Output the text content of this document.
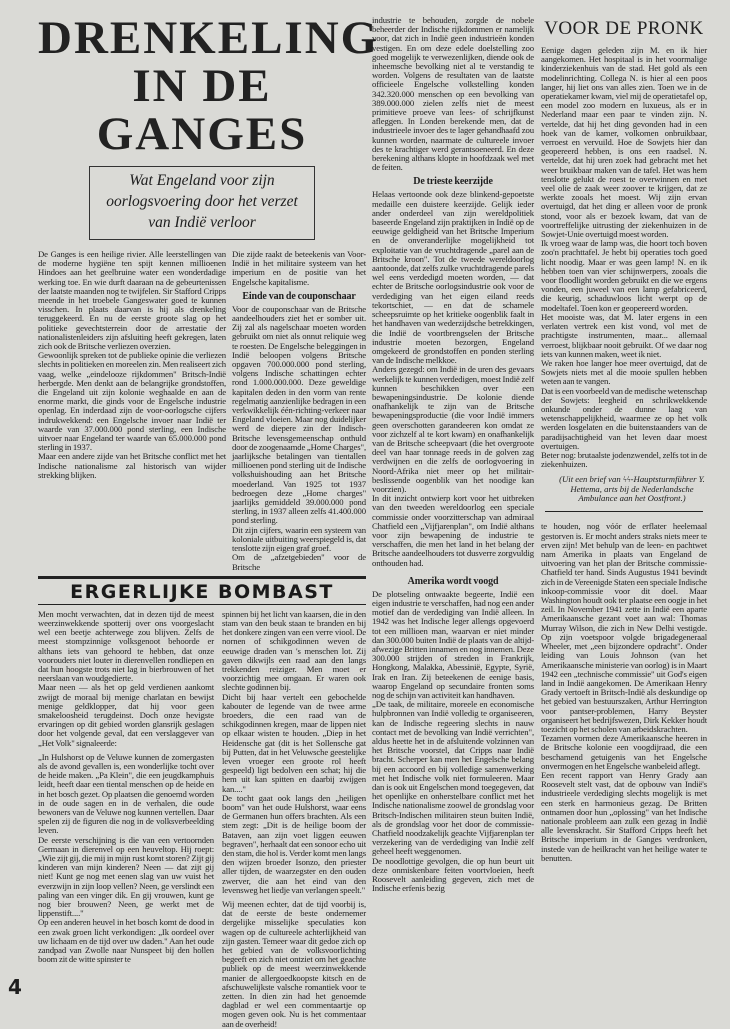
DRENKELING
IN DE GANGES
Wat Engeland voor zijn
oorlogsvoering door het verzet
van Indië verloor

De Ganges is een heilige rivier. Alle leerstellingen van de moderne hygiëne ten spijt kennen millioenen Hindoes aan het geelbruine water een wonderdadige werking toe. En wie durft daaraan na de gebeurtenissen der laatste maanden nog te twijfelen. Sir Stafford Cripps meende in het troebele Gangeswater goed te kunnen visschen. In plaats daarvan is hij als drenkeling teruggekeerd. En nu de eerste groote slag op het politieke gevechtsterrein door de arrestatie der nationalistenleiders zijn afsluiting heeft gekregen, laten zich ook de Britsche verliezen overzien.

Gewoonlijk spreken tot de publieke opinie die verliezen slechts in politieken en moreelen zin. Men realiseert zich vaag, welke „eindelooze rijkdommen" Britsch-Indië herbergde. Men denkt aan de belangrijke grondstoffen, die Engeland uit zijn kolonie weghaalde en aan de enorme markt, die ginds voor de Engelsche industrie openlag. En inderdaad zijn de voor-oorlogsche cijfers indrukwekkend: een Engelsche invoer naar Indië ter waarde van 37.000.000 pond sterling, een Indische uitvoer naar Engeland ter waarde van 65.000.000 pond sterling in 1937.

Maar een andere zijde van het Britsche conflict met het Indische nationalisme zal historisch van wijder strekking blijken.

Die zijde raakt de beteekenis van Voor-Indië in het militaire systeem van het imperium en de positie van het Engelsche kapitalisme.

Einde van de couponschaar

Voor de couponschaar van de Britsche aandeelhouders ziet het er somber uit. Zij zal als nagelschaar moeten worden gebruikt om niet als onnut reliquie weg te roesten. De Engelsche beleggingen in Indië beloopen volgens Britsche opgaven 700.000.000 pond sterling, volgens Indische schattingen echter rond 1.000.000.000. Deze geweldige kapitalen deden in den vorm van rente regelmatig aanzienlijke bedragen in een verkwikkelijk één-richting-verkeer naar Engeland vloeien. Maar nog duidelijker werd de diepere zin der Indisch-Britsche levensgemeenschap onthuld door de zoogenaamde „Home Charges", jaarlijksche betalingen van tientallen millioenen pond sterling uit de Indische volkshuishouding aan het Britsche moederland. Van 1925 tot 1937 bedroegen deze „Home charges" jaarlijks gemiddeld 39.000.000 pond sterling, in 1937 alleen zelfs 41.400.000 pond sterling.

Dit zijn cijfers, waarin een systeem van koloniale uitbuiting weerspiegeld is, dat tenslotte zijn eigen graf groef.

Om de „afzetgebieden" voor de Britsche

ERGERLIJKE BOMBAST

Men mocht verwachten, dat in dezen tijd de meest weerzinwekkende spotterij over ons voorgeslacht wel een beetje achterwege zou blijven. Zelfs de meest stompzinnige volksgenoot behoorde er althans iets van gehoord te hebben, dat onze voorouders niet louter in dierenvellen rondliepen en dat hun hoogste trots niet lag in bierbrouwen of het neerslaan van woudgedierte.

Maar neen — als het op geld verdienen aankomt zwijgt de moraal bij menige charlatan en bewijst menige geldklopper, dat hij voor geen smakeloosheid terugdeinst. Doch onze hevigste ervaringen op dit gebied worden glansrijk geslagen door het volgende geval, dat een verslaggever van „Het Volk" signaleerde:

„In Hulshorst op de Veluwe kunnen de zomergasten als de avond gevallen is, een wonderlijke tocht over de heide maken. „Pa Klein", die een jeugdkamphuis leidt, heeft daar een tiental menschen op de heide en in het bosch gezet. Op plaatsen die genoemd worden in de oude sagen en in de verhalen, die oude bewoners van de Veluwe nog kunnen vertellen. Daar spelen zij de figuren die nog in de volksverbeelding leven.

De eerste verschijning is die van een vertoornden Germaan in dierenvel op een heuveltop. Hij roept: „Wie zijt gij, die mij in mijn rust komt storen? Zijt gij kinderen van mijn kinderen? Neen — dat zijt gij niet! Kunt ge nog met eenen slag van uw vuist het everzwijn in zijn loop vellen? Neen, ge verslindt een paling van een vinger dik. En gij vrouwen, kunt ge nog bier brouwen? Neen, ge werkt met de lippenstift...."

Op een anderen heuvel in het bosch komt de dood in een zwak groen licht verkondigen: „Ik oordeel over uw lichaam en de tijd over uw daden." Aan het oude zandpad van Zwolle naar Nunspeet bij den hollen boom zit de witte spinster te

spinnen bij het licht van kaarsen, die in den stam van den beuk staan te branden en bij het donkere zingen van een verre viool. De nornen of schikgodinnen weven de eeuwige draden van 's menschen lot. Zij gaven dikwijls een raad aan den langs trekkenden reiziger. Men moet er voorzichtig mee omgaan. Er waren ook slechte godinnen bij.

Dicht bij haar vertelt een gebochelde kabouter de legende van de twee arme broeders, die een raad van de schikgodinnen kregen, maar de lippen niet op elkaar wisten te houden. „Diep in het Heidensche gat (dit is het Sollensche gat bij Putten, dat in het Veluwsche geestelijke leven vroeger een groote rol heeft gespeeld) ligt bedolven een schat; hij die hem uit kan spitten en daarbij zwijgen kan...."

De tocht gaat ook langs den „heiligen boom" van het oude Hulshorst, waar eens de Germanen hun offers brachten. Als een stem zegt: „Dit is de heilige boom der Bataven, aan zijn voet liggen eeuwen begraven", herhaalt dat een sonoor echo uit den stam, die hol is. Verder komt men langs den wijzen broeder Isonzo, den priester aller tijden, de waarzegster en den ouden zwerver, die aan het eind van den levensweg het liedje van verlangen speelt."

Wij meenen echter, dat de tijd voorbij is, dat de eerste de beste ondernemer dergelijke misselijke speculaties kon wagen op de cultureele achterlijkheid van zijn gasten. Temeer waar dit gedoe zich op het gebied van de volksvoorlichting begeeft en zich niet ontziet om het geachte publiek op de meest weerzinwekkende manier de allergoedkoopste kitsch en de afschuwelijkste valsche romantiek voor te zetten. In dien zin had het genoemde dagblad er wel een commentaartje op mogen geven ook. Nu is het commentaar aan de overheid!

industrie te behouden, zorgde de nobele beheerder der Indische rijkdommen er namelijk voor, dat zich in Indië geen industrieën konden vestigen. En om deze edele doelstelling zoo goed mogelijk te verwezenlijken, diende ook de inheemsche bevolking niet al te verstandig te worden. Volgens de resultaten van de laatste officieele Engelsche volkstelling konden 342.320.000 menschen op een bevolking van 389.000.000 zielen zelfs niet de meest primitieve proeve van lees- of schrijfkunst afleggen. In Londen berekende men, dat de industrieele invoer des te lager gehandhaafd zou kunnen worden, naarmate de cultureele invoer des te krachtiger werd gerantsoeneerd. En deze berekening althans klopte in hoofdzaak wel met de feiten.

De trieste keerzijde

Helaas vertoonde ook deze blinkend-gepoetste medaille een duistere keerzijde. Gelijk ieder ander onderdeel van zijn wereldpolitiek baseerde Engeland zijn praktijken in Indië op de eeuwige geldigheid van het Britsche Imperium en de onveranderlijke mogelijkheid tot exploitatie van de vruchtdragende „parel aan de Britsche kroon". Tot de tweede wereldoorlog aantoonde, dat zelfs zulke vruchtdragende parels wel eens verdedigd moeten worden, — dat echter de Britsche oorlogsindustrie ook voor de verdediging van het eigen eiland reeds tekortschiet, — en dat de schamele scheepsruimte op het kritieke oogenblik faalt in het handhaven van wederzijdsche betrekkingen, die Indië de voortbrengselen der Britsche industrie moeten bezorgen, Engeland omgekeerd de grondstoffen en ponden sterling van de Indische melkkoe.

Anders gezegd: om Indië in de uren des gevaars werkelijk te kunnen verdedigen, moest Indië zelf kunnen beschikken over een bewapeningsindustrie. De kolonie diende onafhankelijk te zijn van de Britsche bewapeningsproductie (die voor Indië immers geen overschotten garandeeren kon omdat ze voor zichzelf al te kort kwam) en onafhankelijk van de Britsche scheepvaart (die het overgroote deel van haar tonnage reeds in de golven zag verdwijnen en die zelfs de oorlogvoering in Noord-Afrika niet meer op het militair-beslissende oogenblik van het noodige kan voorzien).

In dit inzicht ontwierp kort voor het uitbreken van den tweeden wereldoorlog een speciale commissie onder voorzitterschap van admiraal Chatfield een „Vijfjarenplan", om Indië althans voor zijn bewapening de industrie te verschaffen, die men het land in het belang der Britsche aandeelhouders tot dusverre zorgvuldig onthouden had.

Amerika wordt voogd

De plotseling ontwaakte begeerte, Indië een eigen industrie te verschaffen, had nog een ander motief dan de verdediging van Indië alleen. In 1942 was het Indische leger allengs opgevoerd tot een millioen man, waarvan er niet minder dan 300.000 buiten Indië de plaats van de altijd-afwezige Britten innamen en nog innemen. Deze 300.000 strijden of streden in Frankrijk, Hongkong, Malakka, Abessinië, Egypte, Syrië, Irak en Iran. Zij beteekenen de eenige basis, waarop Engeland op secundaire fronten soms nog de schijn van activiteit kan handhaven.

„De taak, de militaire, moreele en economische hulpbronnen van Indië volledig te organiseeren, kan de Indische regeering slechts in nauw contact met de bevolking van Indië verrichten", aldus heette het in de afsluitende volzinnen van het Britsche voorstel, dat Cripps naar Indië bracht. Scherper kan men het Engelsche belang bij een accoord en bij volledige samenwerking met het Indische volk niet formuleeren. Maar dan is ook uit Engelschen mond toegegeven, dat het openlijke en onherstelbare conflict met het Indische nationalisme zoowel de grondslag voor Britsch-Indischen militairen steun buiten Indië, als de grondslag voor het door de commissie-Chatfield noodzakelijk geachte Vijfjarenplan ter verzekering van de verdediging van Indië zelf geheel heeft weggenomen.

De noodlottige gevolgen, die op hun beurt uit deze onmiskenbare feiten voortvloeien, heeft Roosevelt aanleiding gegeven, zich met de Indische erfenis bezig

VOOR DE PRONK

Eenige dagen geleden zijn M. en ik hier aangekomen. Het hospitaal is in het voormalige kinderziekenhuis van de stad. Het gold als een modelinrichting. Collega N. is hier al een poos langer, hij liet ons van alles zien. Toen we in de operatiekamer kwam, viel mij de operatietafel op, een model zoo modern en luxueus, als er in Nederland maar een paar te vinden zijn. N. vertelde, dat hij het ding gevonden had in een hoek van de kamer, volkomen onbruikbaar, verroest en vervuild. Hoe de Sowjets hier dan geopereerd hebben, is ons een raadsel. N. vertelde, dat hij uren zoek had gebracht met het weer bruikbaar maken van de tafel. Het was hem tenslotte gelukt de roest te overwinnen en met veel olie de zaak weer zoover te krijgen, dat ze werkte zooals het moest. Wij zijn ervan overtuigd, dat het ding er alleen voor de pronk stond, voor als er bezoek kwam, dat van de voortreffelijke uitrusting der ziekenhuizen in de Sowjet-Unie overtuigd moest worden.

Ik vroeg waar de lamp was, die hoort toch boven zoo'n prachttafel. Je hebt bij operaties toch goed licht noodig. Maar er was geen lamp! N. en ik hebben toen van vier schijnwerpers, zooals die voor floodlight worden gebruikt en die we ergens vonden, een juweel van een lamp gefabriceerd, die keurig, schaduwloos licht werpt op de modeltafel. Toen kon er geopereerd worden.

Het mooiste was, dat M. later ergens in een verlaten vertrek een kist vond, vol met de prachtigste instrumenten, maar... allemaal verroest, blijkbaar nooit gebruikt. Of we daar nog iets van kunnen maken, weet ik niet.

We raken hoe langer hoe meer overtuigd, dat de Sowjets niets met al die mooie spullen hebben weten aan te vangen.

Dat is een voorbeeld van de medische wetenschap der Sowjets: leegheid en schrikwekkende onkunde onder de dunne laag van wetenschappelijkheid, waarmee ze op het volk werden losgelaten en die buitenstaanders van de paradijsachtigheid van het leven daar moest overtuigen.

Beter nog: brutaalste jodenzwendel, zelfs tot in de ziekenhuizen.

(Uit een brief van ϟϟ-Hauptsturmführer Y. Hettema, arts bij de Nederlandsche Ambulance aan het Oostfront.)

te houden, nog vóór de erflater heelemaal gestorven is. Er mocht anders straks niets meer te erven zijn! Met behulp van de leen- en pachtwet nam Amerika in plaats van Engeland de uitvoering van het plan der Britsche commissie-Chatfield ter hand. Sinds Augustus 1941 bevindt zich in de Vereenigde Staten een speciale Indische inkoop-commissie voor dit doel. Maar Washington houdt ook ter plaatse een oogje in het zeil. In November 1941 zette in Indië een aparte Amerikaansche gezant voet aan wal: Thomas Murray Wilson, die zich in New Delhi vestigde. Op zijn voetspoor volgde brigadegeneraal Wheeler, met „een bijzondere opdracht". Onder leiding van Louis Johnson (van het Amerikaansche ministerie van oorlog) is in Maart 1942 een „technische commissie" uit God's eigen land in Indië aangekomen. De Amerikaan Henry Grady vertoeft in Britsch-Indië als deskundige op het gebied van bestuurszaken, Arthur Herrington voor pantser-problemen, Harry Beyster organiseert het bedrijfswezen, Dirk Kekker houdt toezicht op het scholen van arbeidskrachten.

Tezamen vormen deze Amerikaansche heeren in de Britsche kolonie een voogdijraad, die een beschamend getuigenis van het Engelsche onvermogen en het Engelsche wanbeleid aflegt.

Een recent rapport van Henry Grady aan Roosevelt stelt vast, dat de opbouw van Indië's industrieele verdediging slechts mogelijk is met een sterk en harmonieus gezag. De Britten ontnamen door hun „oplossing" van het Indische nationale probleem aan zulk een gezag in Indië alle levenskracht. Sir Stafford Cripps heeft het Britsche imperium in de Ganges verdronken, instede van de heilkracht van het heilige water te benutten.

4
